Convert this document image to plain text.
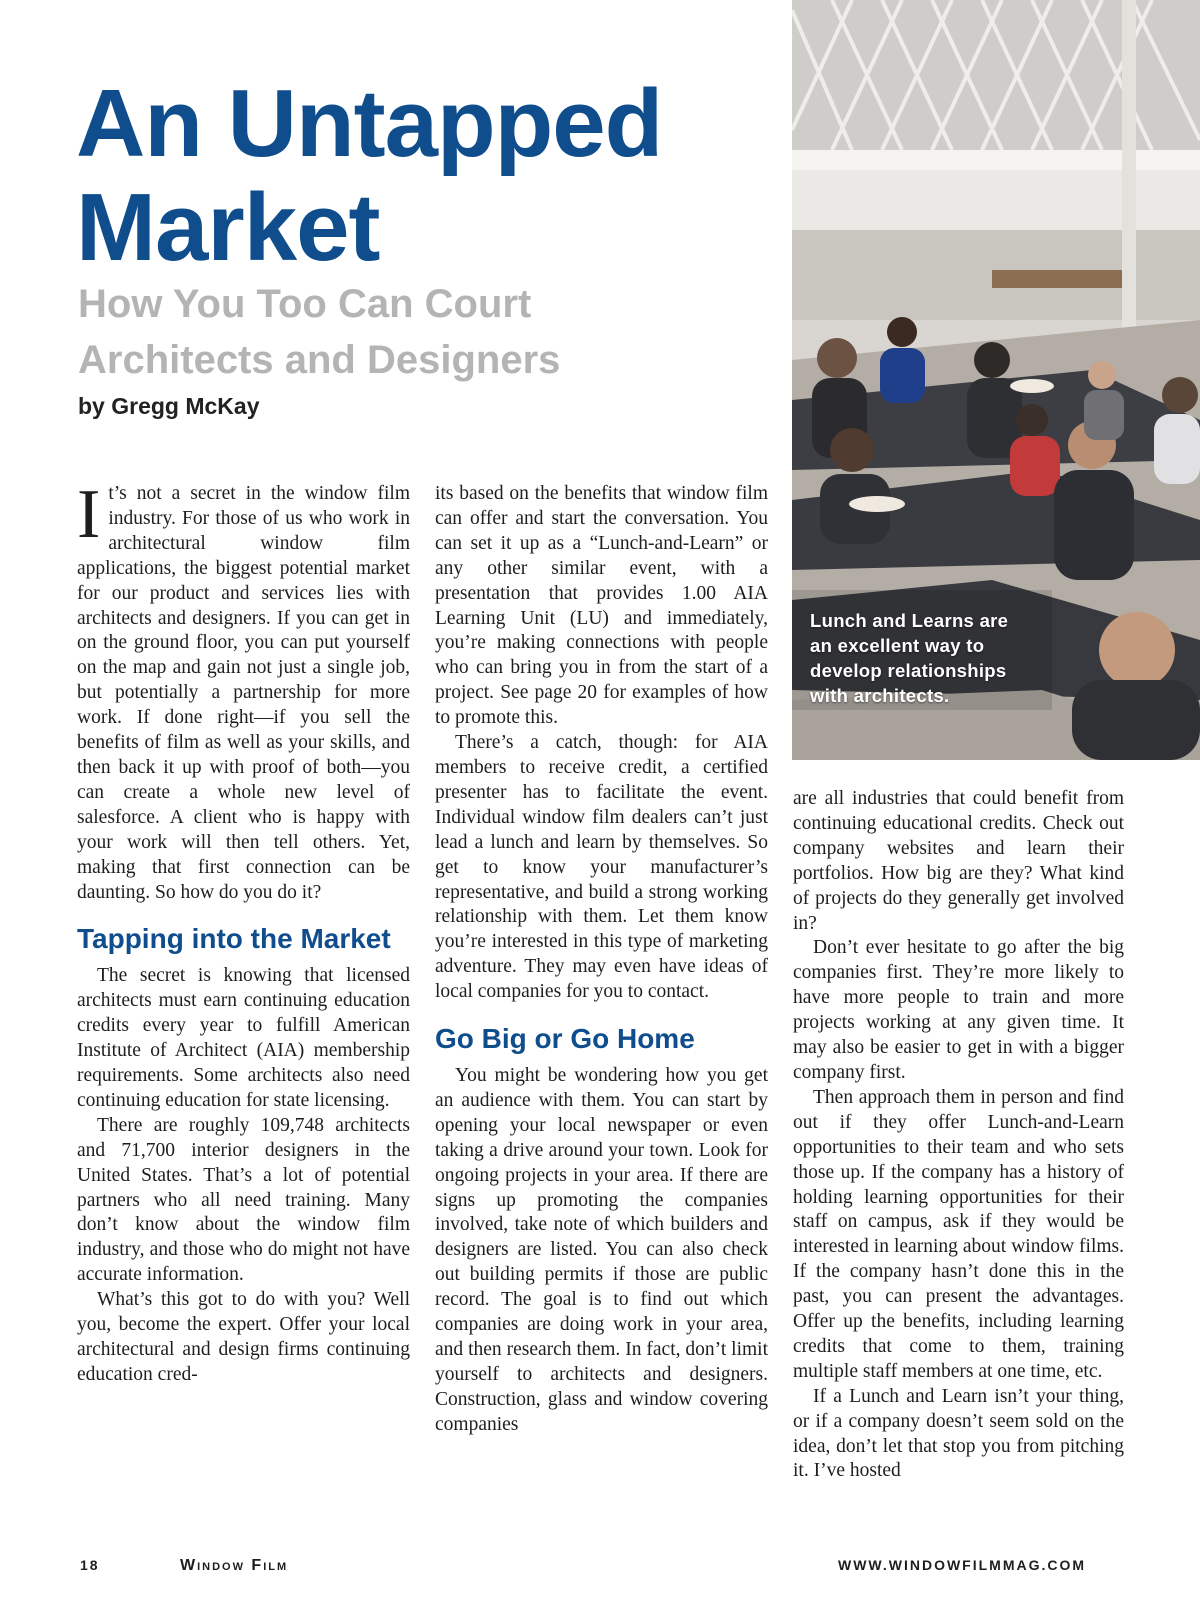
An Untapped Market
How You Too Can Court Architects and Designers
by Gregg McKay
Lunch and Learns are an excellent way to develop relationships with architects.

It’s not a secret in the window film industry. For those of us who work in architectural window film applications, the biggest potential market for our product and services lies with architects and designers. If you can get in on the ground floor, you can put yourself on the map and gain not just a single job, but potentially a partnership for more work. If done right—if you sell the benefits of film as well as your skills, and then back it up with proof of both—you can create a whole new level of salesforce. A client who is happy with your work will then tell others. Yet, making that first connection can be daunting. So how do you do it?

Tapping into the Market

The secret is knowing that licensed architects must earn continuing education credits every year to fulfill American Institute of Architect (AIA) membership requirements. Some architects also need continuing education for state licensing.

There are roughly 109,748 architects and 71,700 interior designers in the United States. That’s a lot of potential partners who all need training. Many don’t know about the window film industry, and those who do might not have accurate information.

What’s this got to do with you? Well you, become the expert. Offer your local architectural and design firms continuing education cred-

its based on the benefits that window film can offer and start the conversation. You can set it up as a “Lunch-and-Learn” or any other similar event, with a presentation that provides 1.00 AIA Learning Unit (LU) and immediately, you’re making connections with people who can bring you in from the start of a project. See page 20 for examples of how to promote this.

There’s a catch, though: for AIA members to receive credit, a certified presenter has to facilitate the event. Individual window film dealers can’t just lead a lunch and learn by themselves. So get to know your manufacturer’s representative, and build a strong working relationship with them. Let them know you’re interested in this type of marketing adventure. They may even have ideas of local companies for you to contact.

Go Big or Go Home

You might be wondering how you get an audience with them. You can start by opening your local newspaper or even taking a drive around your town. Look for ongoing projects in your area. If there are signs up promoting the companies involved, take note of which builders and designers are listed. You can also check out building permits if those are public record. The goal is to find out which companies are doing work in your area, and then research them. In fact, don’t limit yourself to architects and designers. Construction, glass and window covering companies

are all industries that could benefit from continuing educational credits. Check out company websites and learn their portfolios. How big are they? What kind of projects do they generally get involved in?

Don’t ever hesitate to go after the big companies first. They’re more likely to have more people to train and more projects working at any given time. It may also be easier to get in with a bigger company first.

Then approach them in person and find out if they offer Lunch-and-Learn opportunities to their team and who sets those up. If the company has a history of holding learning opportunities for their staff on campus, ask if they would be interested in learning about window films. If the company hasn’t done this in the past, you can present the advantages. Offer up the benefits, including learning credits that come to them, training multiple staff members at one time, etc.

If a Lunch and Learn isn’t your thing, or if a company doesn’t seem sold on the idea, don’t let that stop you from pitching it. I’ve hosted

18	Window Film	WWW.WINDOWFILMMAG.COM
